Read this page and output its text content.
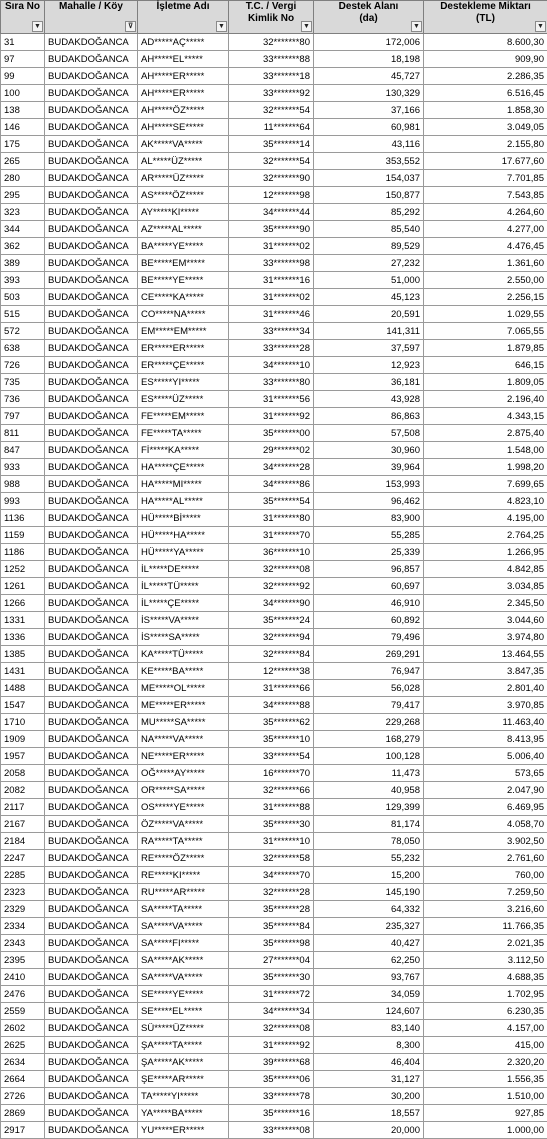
Sıra No
▼	Mahalle / Köy
⊽	İşletme Adı
▼	T.C. / Vergi
Kimlik No
▼	Destek Alanı
(da)
▼	Destekleme Miktarı
(TL)
▼

31	BUDAKDOĞANCA	AD*****AÇ*****	32*******80	172,006	8.600,30
97	BUDAKDOĞANCA	AH*****EL*****	33*******88	18,198	909,90
99	BUDAKDOĞANCA	AH*****ER*****	33*******18	45,727	2.286,35
100	BUDAKDOĞANCA	AH*****ER*****	33*******92	130,329	6.516,45
138	BUDAKDOĞANCA	AH*****ÖZ*****	32*******54	37,166	1.858,30
146	BUDAKDOĞANCA	AH*****SE*****	11*******64	60,981	3.049,05
175	BUDAKDOĞANCA	AK*****VA*****	35*******14	43,116	2.155,80
265	BUDAKDOĞANCA	AL*****ÜZ*****	32*******54	353,552	17.677,60
280	BUDAKDOĞANCA	AR*****ÜZ*****	32*******90	154,037	7.701,85
295	BUDAKDOĞANCA	AS*****ÖZ*****	12*******98	150,877	7.543,85
323	BUDAKDOĞANCA	AY*****KI*****	34*******44	85,292	4.264,60
344	BUDAKDOĞANCA	AZ*****AL*****	35*******90	85,540	4.277,00
362	BUDAKDOĞANCA	BA*****YE*****	31*******02	89,529	4.476,45
389	BUDAKDOĞANCA	BE*****EM*****	33*******98	27,232	1.361,60
393	BUDAKDOĞANCA	BE*****YE*****	31*******16	51,000	2.550,00
503	BUDAKDOĞANCA	CE*****KA*****	31*******02	45,123	2.256,15
515	BUDAKDOĞANCA	CO*****NA*****	31*******46	20,591	1.029,55
572	BUDAKDOĞANCA	EM*****EM*****	33*******34	141,311	7.065,55
638	BUDAKDOĞANCA	ER*****ER*****	33*******28	37,597	1.879,85
726	BUDAKDOĞANCA	ER*****ÇE*****	34*******10	12,923	646,15
735	BUDAKDOĞANCA	ES*****YI*****	33*******80	36,181	1.809,05
736	BUDAKDOĞANCA	ES*****ÜZ*****	31*******56	43,928	2.196,40
797	BUDAKDOĞANCA	FE*****EM*****	31*******92	86,863	4.343,15
811	BUDAKDOĞANCA	FE*****TA*****	35*******00	57,508	2.875,40
847	BUDAKDOĞANCA	Fİ*****KA*****	29*******02	30,960	1.548,00
933	BUDAKDOĞANCA	HA*****ÇE*****	34*******28	39,964	1.998,20
988	BUDAKDOĞANCA	HA*****MI*****	34*******86	153,993	7.699,65
993	BUDAKDOĞANCA	HA*****AL*****	35*******54	96,462	4.823,10
1136	BUDAKDOĞANCA	HÜ*****Bİ*****	31*******80	83,900	4.195,00
1159	BUDAKDOĞANCA	HÜ*****HA*****	31*******70	55,285	2.764,25
1186	BUDAKDOĞANCA	HÜ*****YA*****	36*******10	25,339	1.266,95
1252	BUDAKDOĞANCA	İL*****DE*****	32*******08	96,857	4.842,85
1261	BUDAKDOĞANCA	İL*****TÜ*****	32*******92	60,697	3.034,85
1266	BUDAKDOĞANCA	İL*****ÇE*****	34*******90	46,910	2.345,50
1331	BUDAKDOĞANCA	İS*****VA*****	35*******24	60,892	3.044,60
1336	BUDAKDOĞANCA	İS*****SA*****	32*******94	79,496	3.974,80
1385	BUDAKDOĞANCA	KA*****TÜ*****	32*******84	269,291	13.464,55
1431	BUDAKDOĞANCA	KE*****BA*****	12*******38	76,947	3.847,35
1488	BUDAKDOĞANCA	ME*****OL*****	31*******66	56,028	2.801,40
1547	BUDAKDOĞANCA	ME*****ER*****	34*******88	79,417	3.970,85
1710	BUDAKDOĞANCA	MU*****SA*****	35*******62	229,268	11.463,40
1909	BUDAKDOĞANCA	NA*****VA*****	35*******10	168,279	8.413,95
1957	BUDAKDOĞANCA	NE*****ER*****	33*******54	100,128	5.006,40
2058	BUDAKDOĞANCA	OĞ*****AY*****	16*******70	11,473	573,65
2082	BUDAKDOĞANCA	OR*****SA*****	32*******66	40,958	2.047,90
2117	BUDAKDOĞANCA	OS*****YE*****	31*******88	129,399	6.469,95
2167	BUDAKDOĞANCA	ÖZ*****VA*****	35*******30	81,174	4.058,70
2184	BUDAKDOĞANCA	RA*****TA*****	31*******10	78,050	3.902,50
2247	BUDAKDOĞANCA	RE*****ÖZ*****	32*******58	55,232	2.761,60
2285	BUDAKDOĞANCA	RE*****KI*****	34*******70	15,200	760,00
2323	BUDAKDOĞANCA	RU*****AR*****	32*******28	145,190	7.259,50
2329	BUDAKDOĞANCA	SA*****TA*****	35*******28	64,332	3.216,60
2334	BUDAKDOĞANCA	SA*****VA*****	35*******84	235,327	11.766,35
2343	BUDAKDOĞANCA	SA*****FI*****	35*******98	40,427	2.021,35
2395	BUDAKDOĞANCA	SA*****AK*****	27*******04	62,250	3.112,50
2410	BUDAKDOĞANCA	SA*****VA*****	35*******30	93,767	4.688,35
2476	BUDAKDOĞANCA	SE*****YE*****	31*******72	34,059	1.702,95
2559	BUDAKDOĞANCA	SE*****EL*****	34*******34	124,607	6.230,35
2602	BUDAKDOĞANCA	SÜ*****ÜZ*****	32*******08	83,140	4.157,00
2625	BUDAKDOĞANCA	ŞA*****TA*****	31*******92	8,300	415,00
2634	BUDAKDOĞANCA	ŞA*****AK*****	39*******68	46,404	2.320,20
2664	BUDAKDOĞANCA	ŞE*****AR*****	35*******06	31,127	1.556,35
2726	BUDAKDOĞANCA	TA*****YI*****	33*******78	30,200	1.510,00
2869	BUDAKDOĞANCA	YA*****BA*****	35*******16	18,557	927,85
2917	BUDAKDOĞANCA	YU*****ER*****	33*******08	20,000	1.000,00
